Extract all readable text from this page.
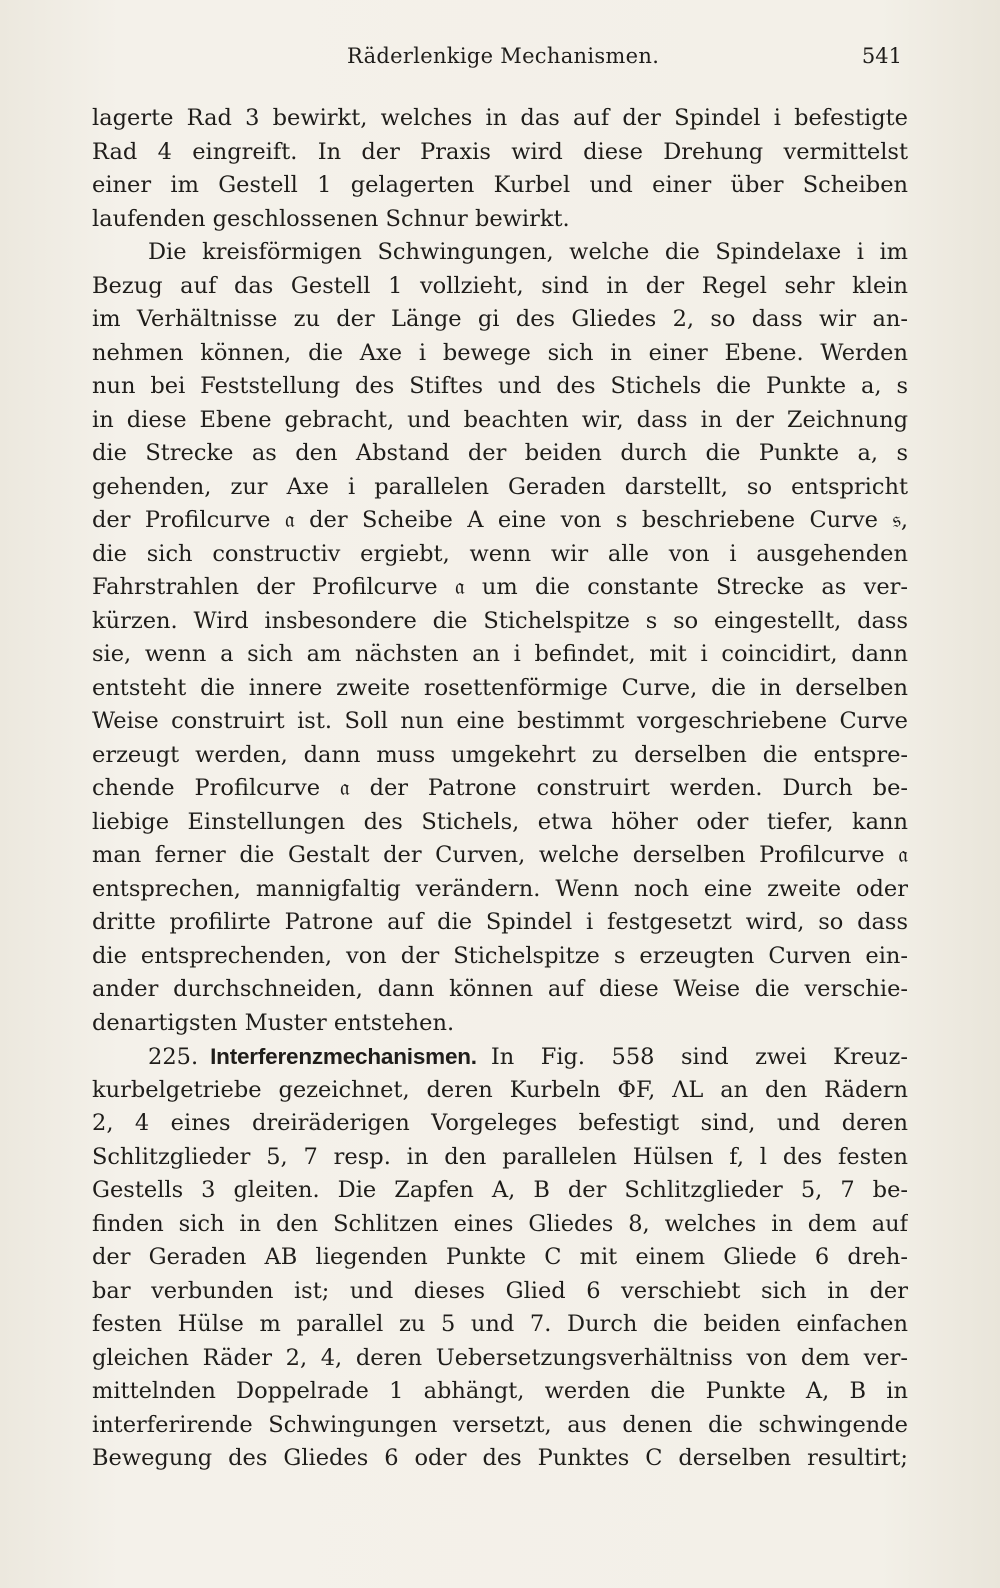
Räderlenkige Mechanismen.	541
lagerte Rad 3 bewirkt, welches in das auf der Spindel i befestigte
Rad 4 eingreift. In der Praxis wird diese Drehung vermittelst
einer im Gestell 1 gelagerten Kurbel und einer über Scheiben
laufenden geschlossenen Schnur bewirkt.
Die kreisförmigen Schwingungen, welche die Spindelaxe i im
Bezug auf das Gestell 1 vollzieht, sind in der Regel sehr klein
im Verhältnisse zu der Länge gi des Gliedes 2, so dass wir an-
nehmen können, die Axe i bewege sich in einer Ebene. Werden
nun bei Feststellung des Stiftes und des Stichels die Punkte a, s
in diese Ebene gebracht, und beachten wir, dass in der Zeichnung
die Strecke as den Abstand der beiden durch die Punkte a, s
gehenden, zur Axe i parallelen Geraden darstellt, so entspricht
der Profilcurve 𝔞 der Scheibe A eine von s beschriebene Curve 𝔰,
die sich constructiv ergiebt, wenn wir alle von i ausgehenden
Fahrstrahlen der Profilcurve 𝔞 um die constante Strecke as ver-
kürzen. Wird insbesondere die Stichelspitze s so eingestellt, dass
sie, wenn a sich am nächsten an i befindet, mit i coincidirt, dann
entsteht die innere zweite rosettenförmige Curve, die in derselben
Weise construirt ist. Soll nun eine bestimmt vorgeschriebene Curve
erzeugt werden, dann muss umgekehrt zu derselben die entspre-
chende Profilcurve 𝔞 der Patrone construirt werden. Durch be-
liebige Einstellungen des Stichels, etwa höher oder tiefer, kann
man ferner die Gestalt der Curven, welche derselben Profilcurve 𝔞
entsprechen, mannigfaltig verändern. Wenn noch eine zweite oder
dritte profilirte Patrone auf die Spindel i festgesetzt wird, so dass
die entsprechenden, von der Stichelspitze s erzeugten Curven ein-
ander durchschneiden, dann können auf diese Weise die verschie-
denartigsten Muster entstehen.
225. Interferenzmechanismen. In Fig. 558 sind zwei Kreuz-
kurbelgetriebe gezeichnet, deren Kurbeln ΦF, ΛL an den Rädern
2, 4 eines dreiräderigen Vorgeleges befestigt sind, und deren
Schlitzglieder 5, 7 resp. in den parallelen Hülsen f, l des festen
Gestells 3 gleiten. Die Zapfen A, B der Schlitzglieder 5, 7 be-
finden sich in den Schlitzen eines Gliedes 8, welches in dem auf
der Geraden AB liegenden Punkte C mit einem Gliede 6 dreh-
bar verbunden ist; und dieses Glied 6 verschiebt sich in der
festen Hülse m parallel zu 5 und 7. Durch die beiden einfachen
gleichen Räder 2, 4, deren Uebersetzungsverhältniss von dem ver-
mittelnden Doppelrade 1 abhängt, werden die Punkte A, B in
interferirende Schwingungen versetzt, aus denen die schwingende
Bewegung des Gliedes 6 oder des Punktes C derselben resultirt;
